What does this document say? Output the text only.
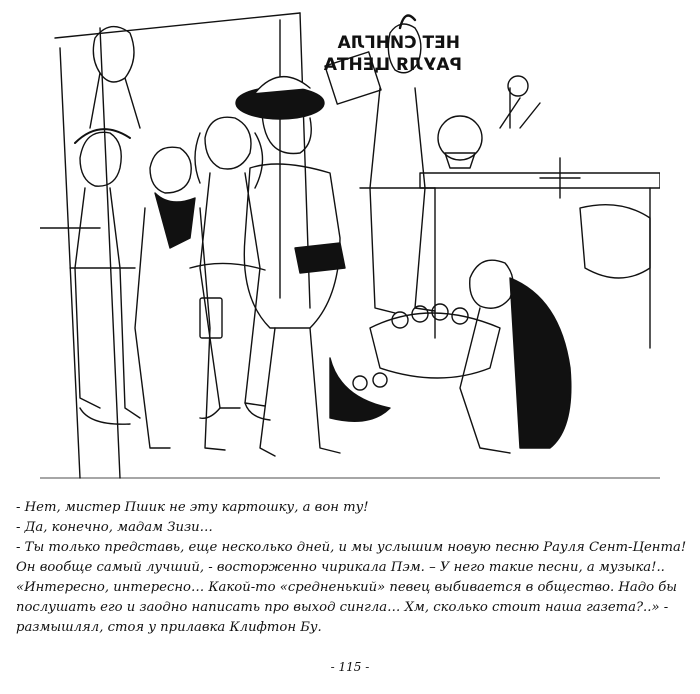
НЕТ СИНГЛА
РАУЛЯ ЦЕНТА
- Нет, мистер Пшик не эту картошку, а вон ту!
- Да, конечно, мадам Зизи…
- Ты только представь, еще несколько дней, и мы услышим новую песню Рауля Сент-Цента!
Он вообще самый лучший, - восторженно чирикала Пэм. – У него такие песни, а музыка!..
«Интересно, интересно… Какой-то «средненький» певец выбивается в общество. Надо бы
послушать его и заодно написать про выход сингла… Хм, сколько стоит наша газета?..» -
размышлял, стоя у прилавка Клифтон Бу.
- 115 -
